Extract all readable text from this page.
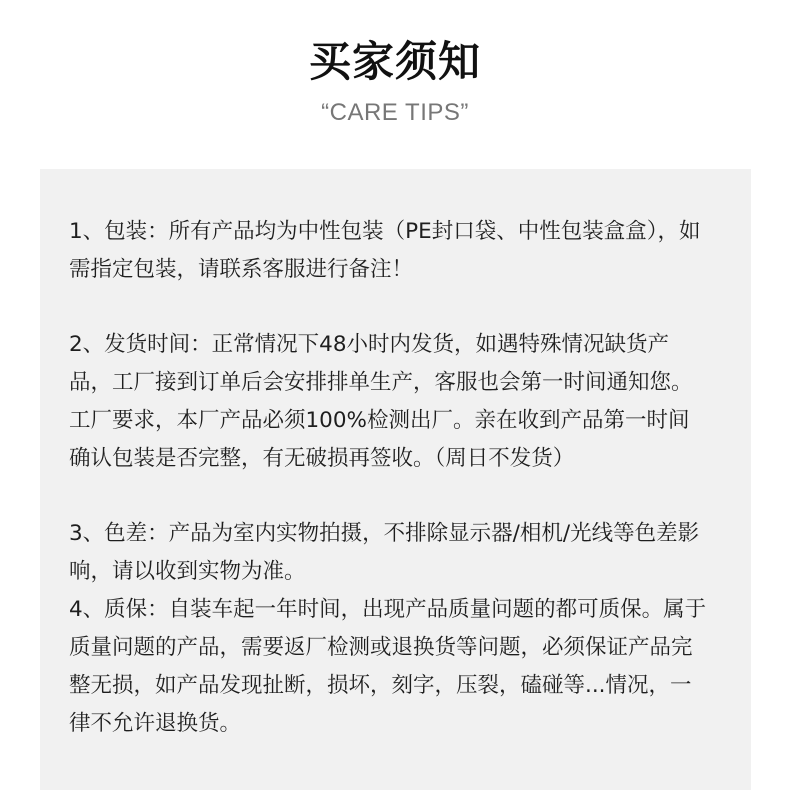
买家须知
“CARE TIPS”

1、包装：所有产品均为中性包装（PE封口袋、中性包装盒盒），如需指定包装，请联系客服进行备注！

2、发货时间：正常情况下48小时内发货，如遇特殊情况缺货产品，工厂接到订单后会安排排单生产，客服也会第一时间通知您。工厂要求，本厂产品必须100%检测出厂。亲在收到产品第一时间确认包装是否完整，有无破损再签收。（周日不发货）

3、色差：产品为室内实物拍摄，不排除显示器/相机/光线等色差影响，请以收到实物为准。

4、质保：自装车起一年时间，出现产品质量问题的都可质保。属于质量问题的产品，需要返厂检测或退换货等问题，必须保证产品完整无损，如产品发现扯断，损坏，刻字，压裂，磕碰等...情况，一律不允许退换货。
